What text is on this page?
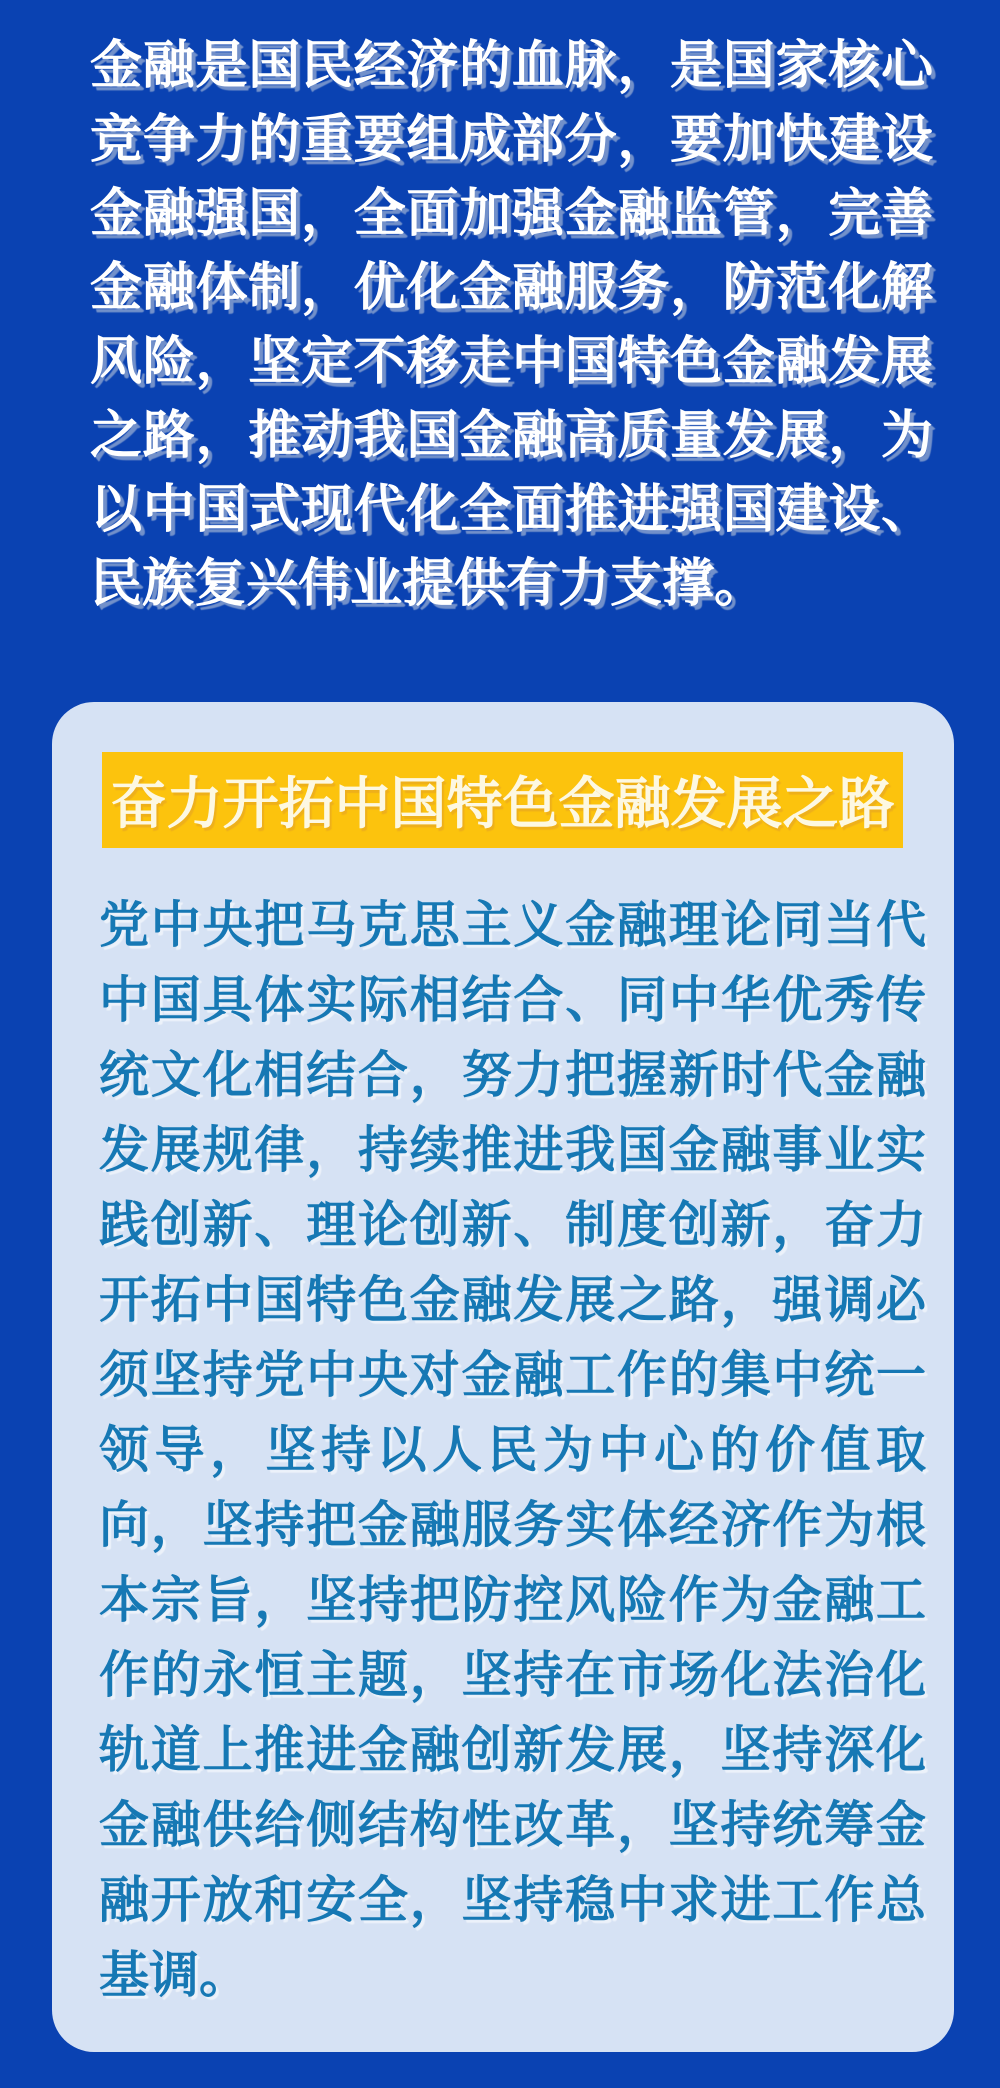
金融是国民经济的血脉，是国家核心
竞争力的重要组成部分，要加快建设
金融强国，全面加强金融监管，完善
金融体制，优化金融服务，防范化解
风险，坚定不移走中国特色金融发展
之路，推动我国金融高质量发展，为
以中国式现代化全面推进强国建设、
民族复兴伟业提供有力支撑。
奋力开拓中国特色金融发展之路
党中央把马克思主义金融理论同当代
中国具体实际相结合、同中华优秀传
统文化相结合，努力把握新时代金融
发展规律，持续推进我国金融事业实
践创新、理论创新、制度创新，奋力
开拓中国特色金融发展之路，强调必
须坚持党中央对金融工作的集中统一
领导，坚持以人民为中心的价值取
向，坚持把金融服务实体经济作为根
本宗旨，坚持把防控风险作为金融工
作的永恒主题，坚持在市场化法治化
轨道上推进金融创新发展，坚持深化
金融供给侧结构性改革，坚持统筹金
融开放和安全，坚持稳中求进工作总
基调。
